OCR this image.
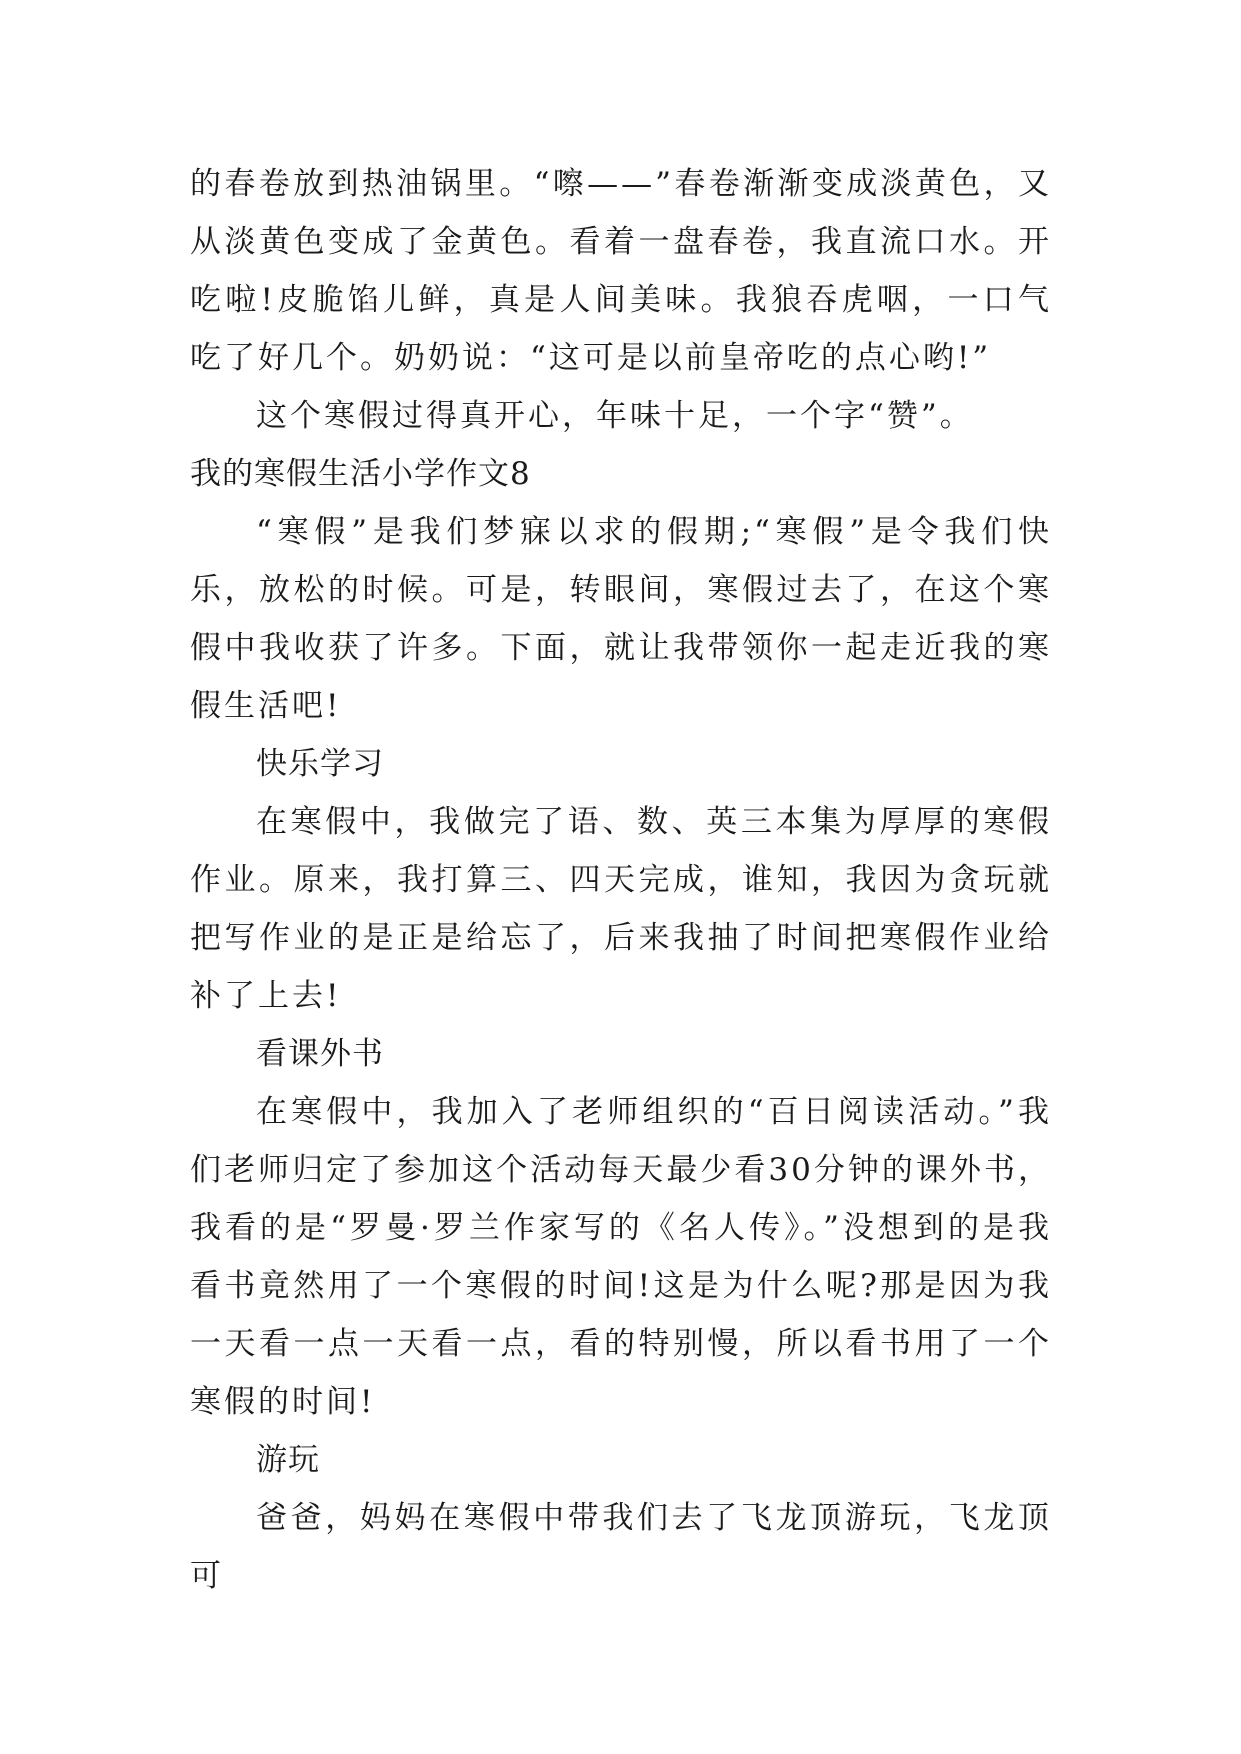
的春卷放到热油锅里。“嚓——”春卷渐渐变成淡黄色，又从淡黄色变成了金黄色。看着一盘春卷，我直流口水。开吃啦!皮脆馅儿鲜，真是人间美味。我狼吞虎咽，一口气吃了好几个。奶奶说：“这可是以前皇帝吃的点心哟!”

这个寒假过得真开心，年味十足，一个字“赞”。

我的寒假生活小学作文8

“寒假”是我们梦寐以求的假期;“寒假”是令我们快乐，放松的时候。可是，转眼间，寒假过去了，在这个寒假中我收获了许多。下面，就让我带领你一起走近我的寒假生活吧!

快乐学习

在寒假中，我做完了语、数、英三本集为厚厚的寒假作业。原来，我打算三、四天完成，谁知，我因为贪玩就把写作业的是正是给忘了，后来我抽了时间把寒假作业给补了上去!

看课外书

在寒假中，我加入了老师组织的“百日阅读活动。”我们老师归定了参加这个活动每天最少看30分钟的课外书，我看的是“罗曼·罗兰作家写的《名人传》。”没想到的是我看书竟然用了一个寒假的时间!这是为什么呢?那是因为我一天看一点一天看一点，看的特别慢，所以看书用了一个寒假的时间!

游玩

爸爸，妈妈在寒假中带我们去了飞龙顶游玩，飞龙顶可
